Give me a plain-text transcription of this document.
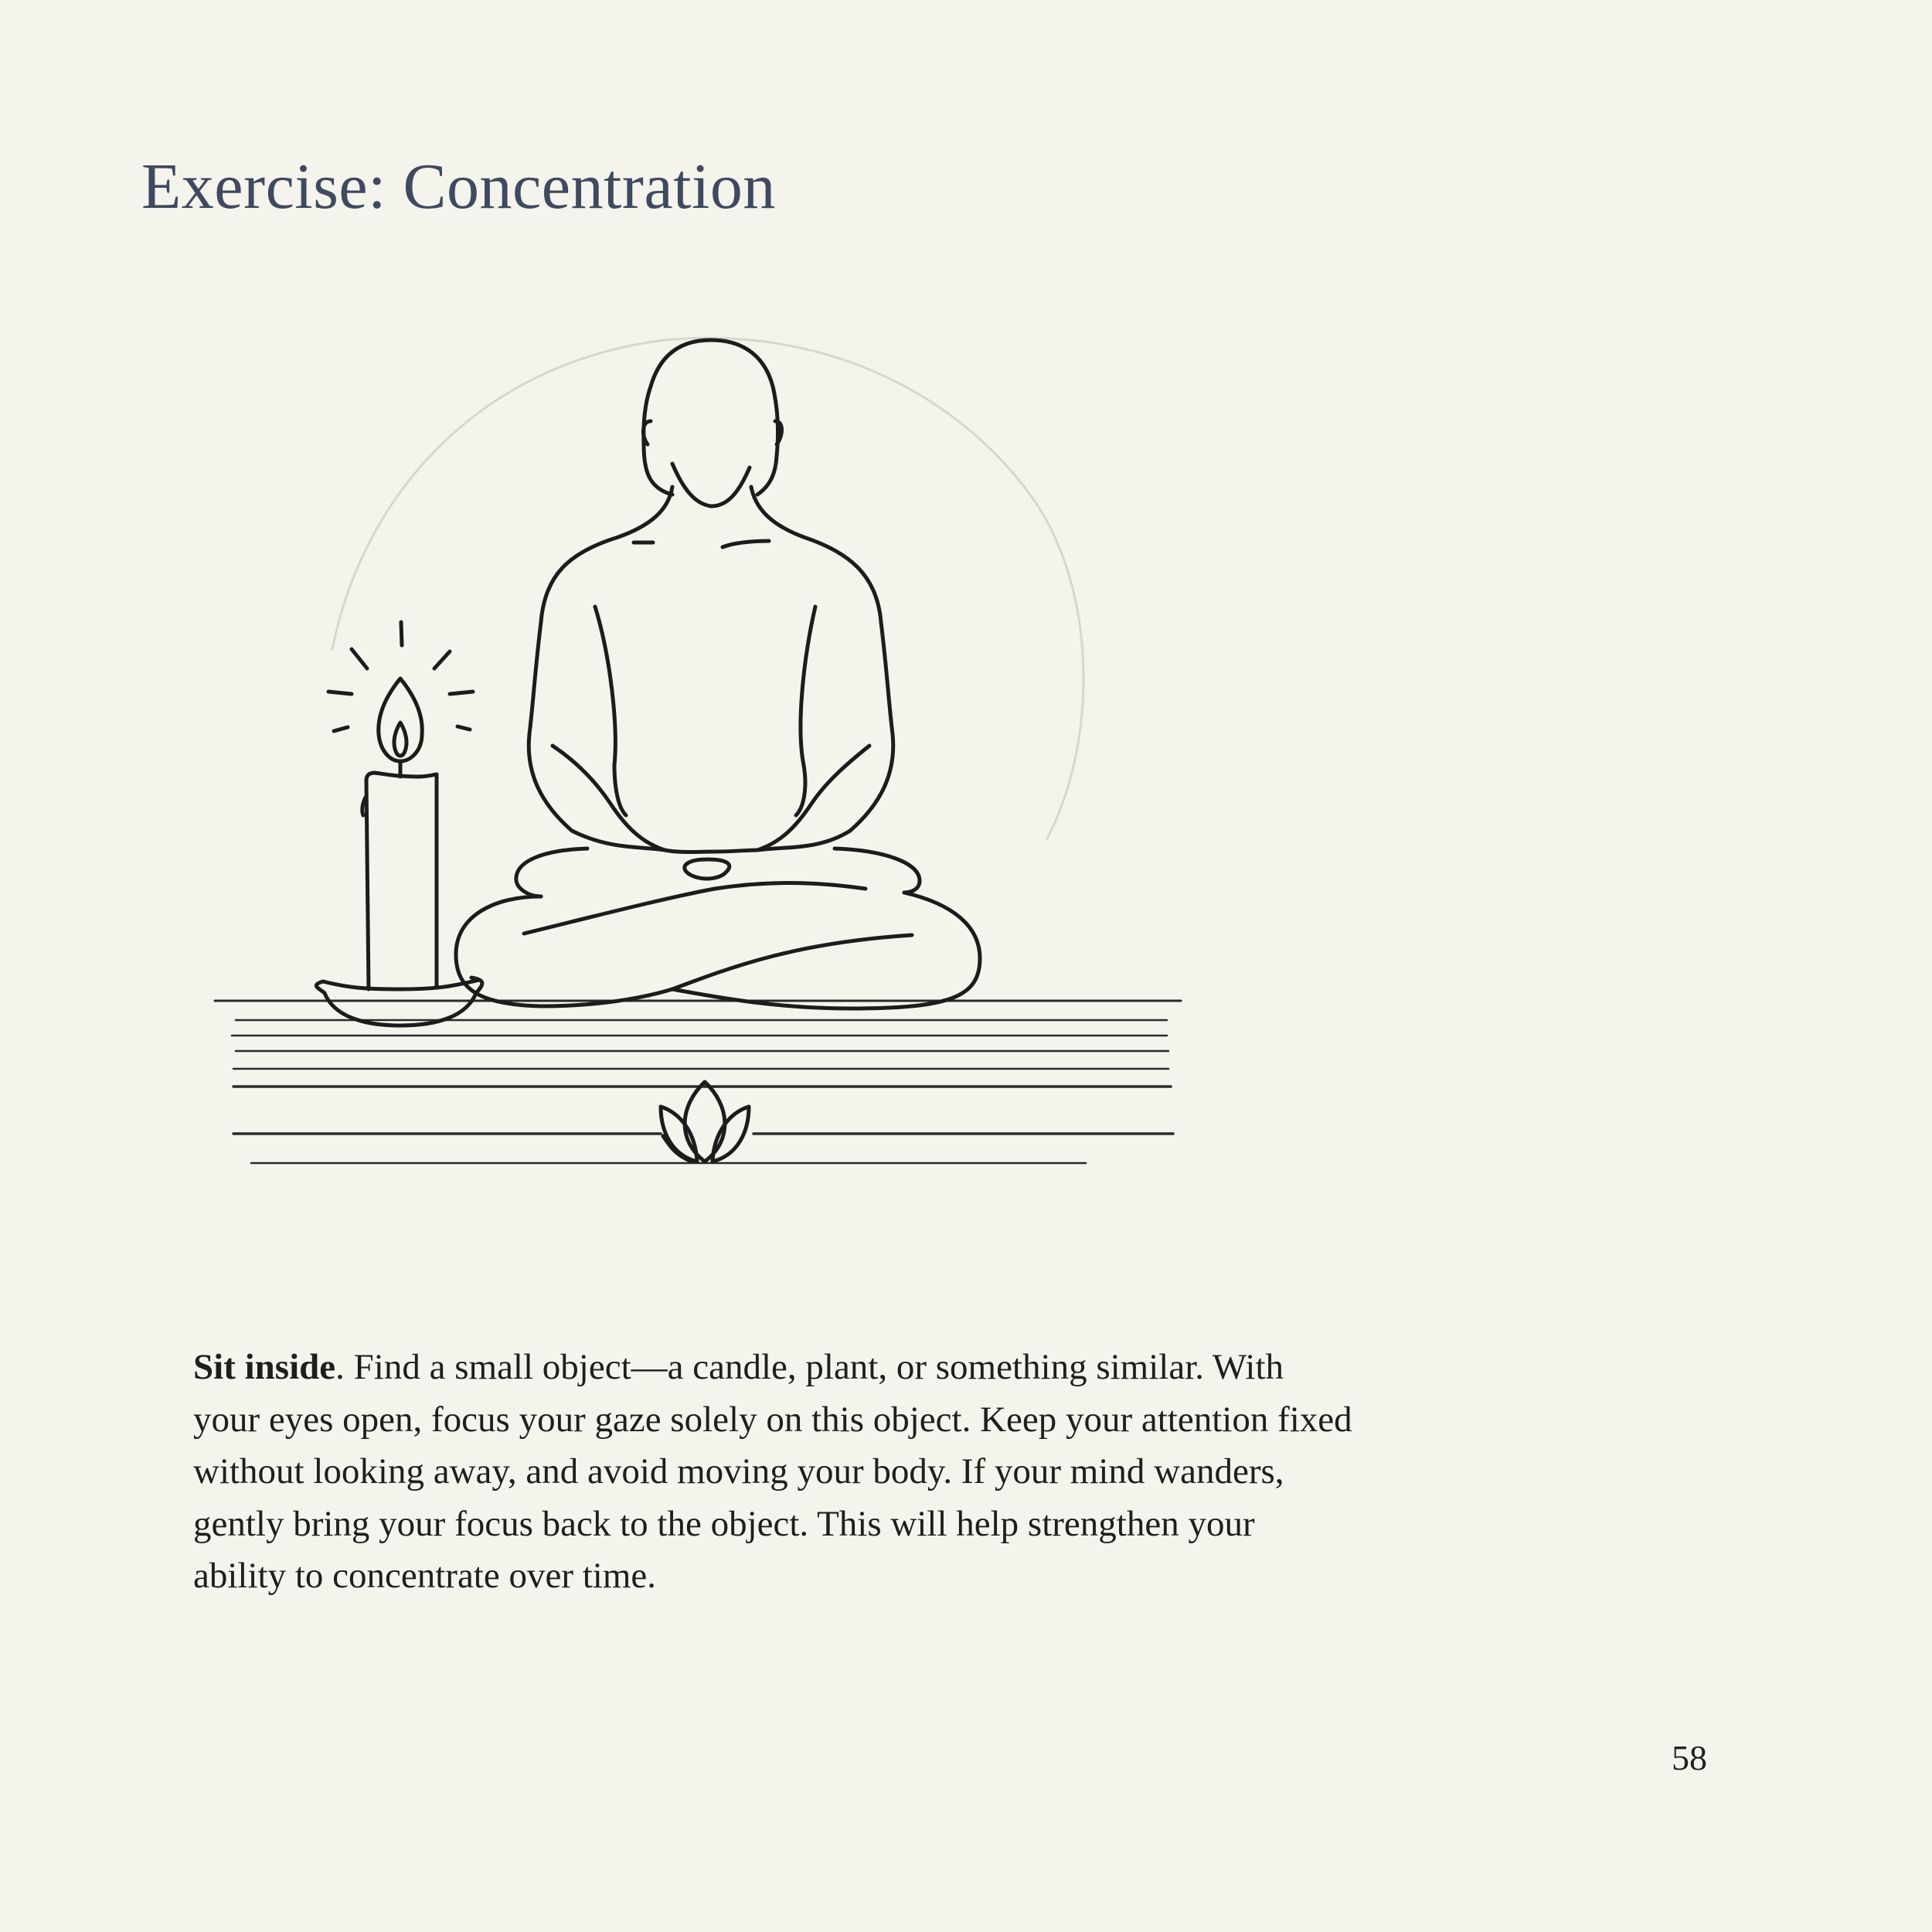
Exercise: Concentration

Sit inside. Find a small object—a candle, plant, or something similar. With your eyes open, focus your gaze solely on this object. Keep your attention fixed without looking away, and avoid moving your body. If your mind wanders, gently bring your focus back to the object. This will help strengthen your ability to concentrate over time.

58
